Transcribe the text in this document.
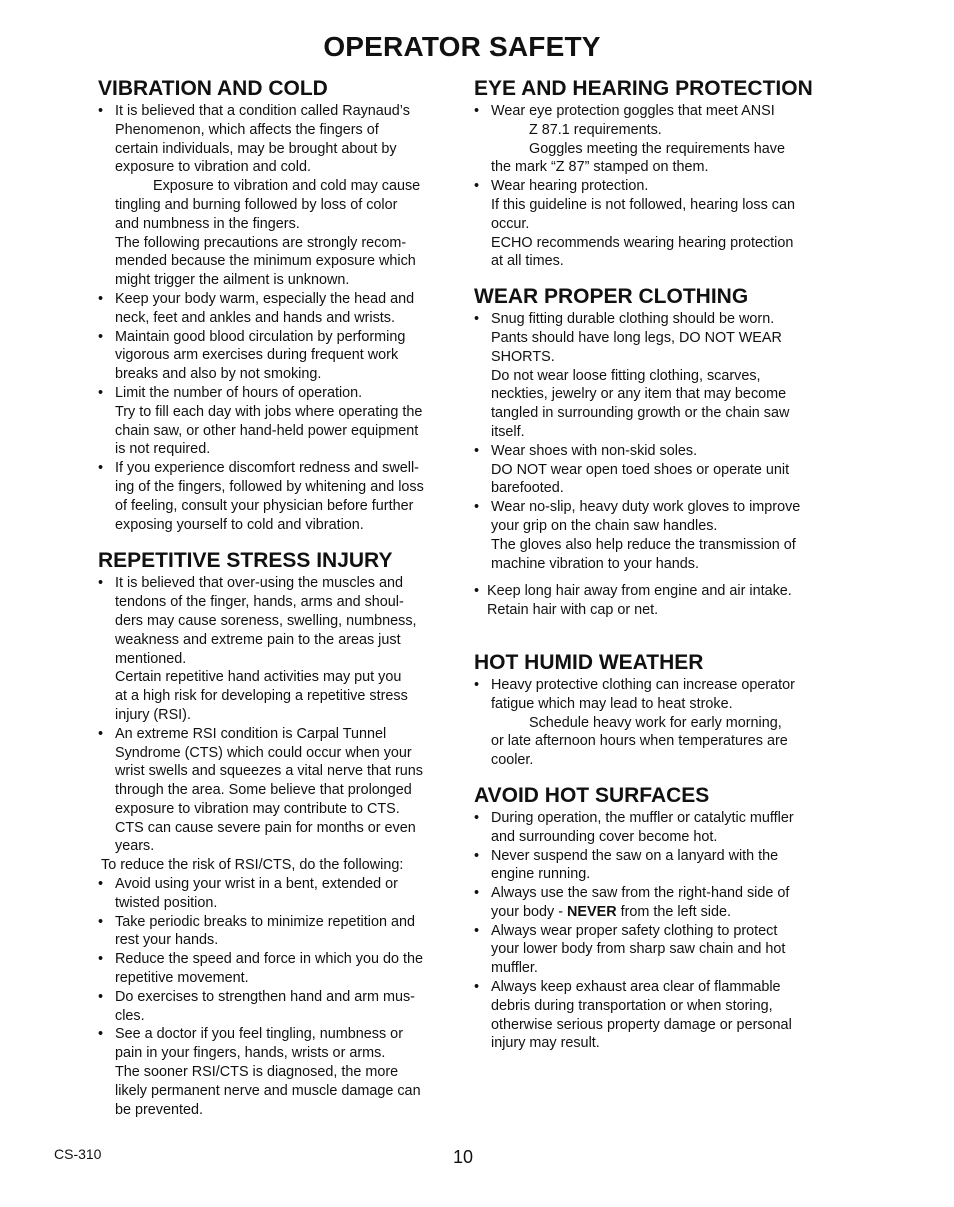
OPERATOR SAFETY
VIBRATION AND COLD
• It is believed that a condition called Raynaud’s
Phenomenon, which affects the fingers of
certain individuals, may be brought about by
exposure to vibration and cold.
Exposure to vibration and cold may cause
tingling and burning followed by loss of color
and numbness in the fingers.
The following precautions are strongly recom-
mended because the minimum exposure which
might trigger the ailment is unknown.
• Keep your body warm, especially the head and
neck, feet and ankles and hands and wrists.
• Maintain good blood circulation by performing
vigorous arm exercises during frequent work
breaks and also by not smoking.
• Limit the number of hours of operation.
Try to fill each day with jobs where operating the
chain saw, or other hand-held power equipment
is not required.
• If you experience discomfort redness and swell-
ing of the fingers, followed by whitening and loss
of feeling, consult your physician before further
exposing yourself to cold and vibration.
REPETITIVE STRESS INJURY
• It is believed that over-using the muscles and
tendons of the finger, hands, arms and shoul-
ders may cause soreness, swelling, numbness,
weakness and extreme pain to the areas just
mentioned.
Certain repetitive hand activities may put you
at a high risk for developing a repetitive stress
injury (RSI).
• An extreme RSI condition is Carpal Tunnel
Syndrome (CTS) which could occur when your
wrist swells and squeezes a vital nerve that runs
through the area. Some believe that prolonged
exposure to vibration may contribute to CTS.
CTS can cause severe pain for months or even
years.
To reduce the risk of RSI/CTS, do the following:
• Avoid using your wrist in a bent, extended or
twisted position.
• Take periodic breaks to minimize repetition and
rest your hands.
• Reduce the speed and force in which you do the
repetitive movement.
• Do exercises to strengthen hand and arm mus-
cles.
• See a doctor if you feel tingling, numbness or
pain in your fingers, hands, wrists or arms.
The sooner RSI/CTS is diagnosed, the more
likely permanent nerve and muscle damage can
be prevented.
EYE AND HEARING PROTECTION
• Wear eye protection goggles that meet ANSI
Z 87.1 requirements.
Goggles meeting the requirements have
the mark “Z 87” stamped on them.
• Wear hearing protection.
If this guideline is not followed, hearing loss can
occur.
ECHO recommends wearing hearing protection
at all times.
WEAR PROPER CLOTHING
• Snug fitting durable clothing should be worn.
Pants should have long legs, DO NOT WEAR
SHORTS.
Do not wear loose fitting clothing, scarves,
neckties, jewelry or any item that may become
tangled in surrounding growth or the chain saw
itself.
• Wear shoes with non-skid soles.
DO NOT wear open toed shoes or operate unit
barefooted.
• Wear no-slip, heavy duty work gloves to improve
your grip on the chain saw handles.
The gloves also help reduce the transmission of
machine vibration to your hands.
• Keep long hair away from engine and air intake.
Retain hair with cap or net.
HOT HUMID WEATHER
• Heavy protective clothing can increase operator
fatigue which may lead to heat stroke.
Schedule heavy work for early morning,
or late afternoon hours when temperatures are
cooler.
AVOID HOT SURFACES
• During operation, the muffler or catalytic muffler
and surrounding cover become hot.
• Never suspend the saw on a lanyard with the
engine running.
• Always use the saw from the right-hand side of
your body - NEVER from the left side.
• Always wear proper safety clothing to protect
your lower body from sharp saw chain and hot
muffler.
• Always keep exhaust area clear of flammable
debris during transportation or when storing,
otherwise serious property damage or personal
injury may result.
CS-310	10
